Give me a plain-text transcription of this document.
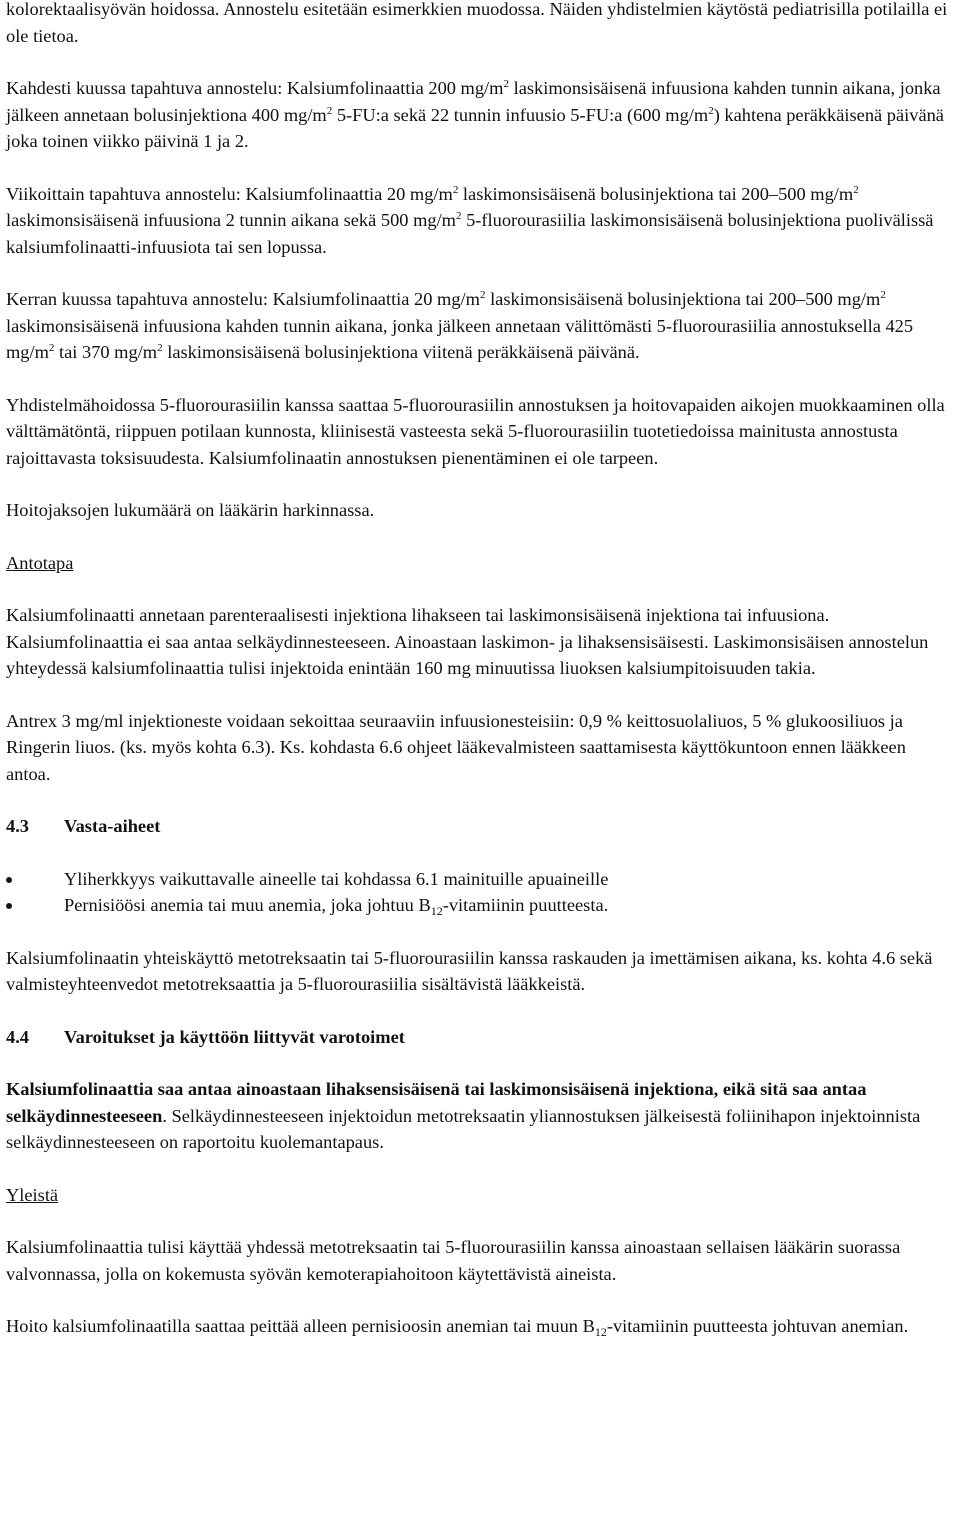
kolorektaalisyövän hoidossa. Annostelu esitetään esimerkkien muodossa. Näiden yhdistelmien käytöstä pediatrisilla potilailla ei ole tietoa.

Kahdesti kuussa tapahtuva annostelu: Kalsiumfolinaattia 200 $mg/m^2$ laskimonsisäisenä infuusiona kahden tunnin aikana, jonka jälkeen annetaan bolusinjektiona 400 $mg/m^2$ 5-FU:a sekä 22 tunnin infuusio 5-FU:a (600 $mg/m^2$) kahtena peräkkäisenä päivänä joka toinen viikko päivinä 1 ja 2.

Viikoittain tapahtuva annostelu: Kalsiumfolinaattia 20 $mg/m^2$ laskimonsisäisenä bolusinjektiona tai 200–500 $mg/m^2$ laskimonsisäisenä infuusiona 2 tunnin aikana sekä 500 $mg/m^2$ 5-fluorourasiilia laskimonsisäisenä bolusinjektiona puolivälissä kalsiumfolinaatti-infuusiota tai sen lopussa.

Kerran kuussa tapahtuva annostelu: Kalsiumfolinaattia 20 $mg/m^2$ laskimonsisäisenä bolusinjektiona tai 200–500 $mg/m^2$ laskimonsisäisenä infuusiona kahden tunnin aikana, jonka jälkeen annetaan välittömästi 5-fluorourasiilia annostuksella 425 $mg/m^2$ tai 370 $mg/m^2$ laskimonsisäisenä bolusinjektiona viitenä peräkkäisenä päivänä.

Yhdistelmähoidossa 5-fluorourasiilin kanssa saattaa 5-fluorourasiilin annostuksen ja hoitovapaiden aikojen muokkaaminen olla välttämätöntä, riippuen potilaan kunnosta, kliinisestä vasteesta sekä 5-fluorourasiilin tuotetiedoissa mainitusta annostusta rajoittavasta toksisuudesta. Kalsiumfolinaatin annostuksen pienentäminen ei ole tarpeen.

Hoitojaksojen lukumäärä on lääkärin harkinnassa.

Antotapa

Kalsiumfolinaatti annetaan parenteraalisesti injektiona lihakseen tai laskimonsisäisenä injektiona tai infuusiona. Kalsiumfolinaattia ei saa antaa selkäydinnesteeseen. Ainoastaan laskimon- ja lihaksensisäisesti. Laskimonsisäisen annostelun yhteydessä kalsiumfolinaattia tulisi injektoida enintään 160 mg minuutissa liuoksen kalsiumpitoisuuden takia.

Antrex 3 mg/ml injektioneste voidaan sekoittaa seuraaviin infuusionesteisiin: 0,9 % keittosuolaliuos, 5 % glukoosiliuos ja Ringerin liuos. (ks. myös kohta 6.3). Ks. kohdasta 6.6 ohjeet lääkevalmisteen saattamisesta käyttökuntoon ennen lääkkeen antoa.

4.3	Vasta-aiheet
Yliherkkyys vaikuttavalle aineelle tai kohdassa 6.1 mainituille apuaineille
Pernisiöösi anemia tai muu anemia, joka johtuu $B_{12}$-vitamiinin puutteesta.

Kalsiumfolinaatin yhteiskäyttö metotreksaatin tai 5-fluorourasiilin kanssa raskauden ja imettämisen aikana, ks. kohta 4.6 sekä valmisteyhteenvedot metotreksaattia ja 5-fluorourasiilia sisältävistä lääkkeistä.

4.4	Varoitukset ja käyttöön liittyvät varotoimet

Kalsiumfolinaattia saa antaa ainoastaan lihaksensisäisenä tai laskimonsisäisenä injektiona, eikä sitä saa antaa selkäydinnesteeseen. Selkäydinnesteeseen injektoidun metotreksaatin yliannostuksen jälkeisestä foliinihapon injektoinnista selkäydinnesteeseen on raportoitu kuolemantapaus.

Yleistä

Kalsiumfolinaattia tulisi käyttää yhdessä metotreksaatin tai 5-fluorourasiilin kanssa ainoastaan sellaisen lääkärin suorassa valvonnassa, jolla on kokemusta syövän kemoterapiahoitoon käytettävistä aineista.

Hoito kalsiumfolinaatilla saattaa peittää alleen pernisioosin anemian tai muun $B_{12}$-vitamiinin puutteesta johtuvan anemian.
